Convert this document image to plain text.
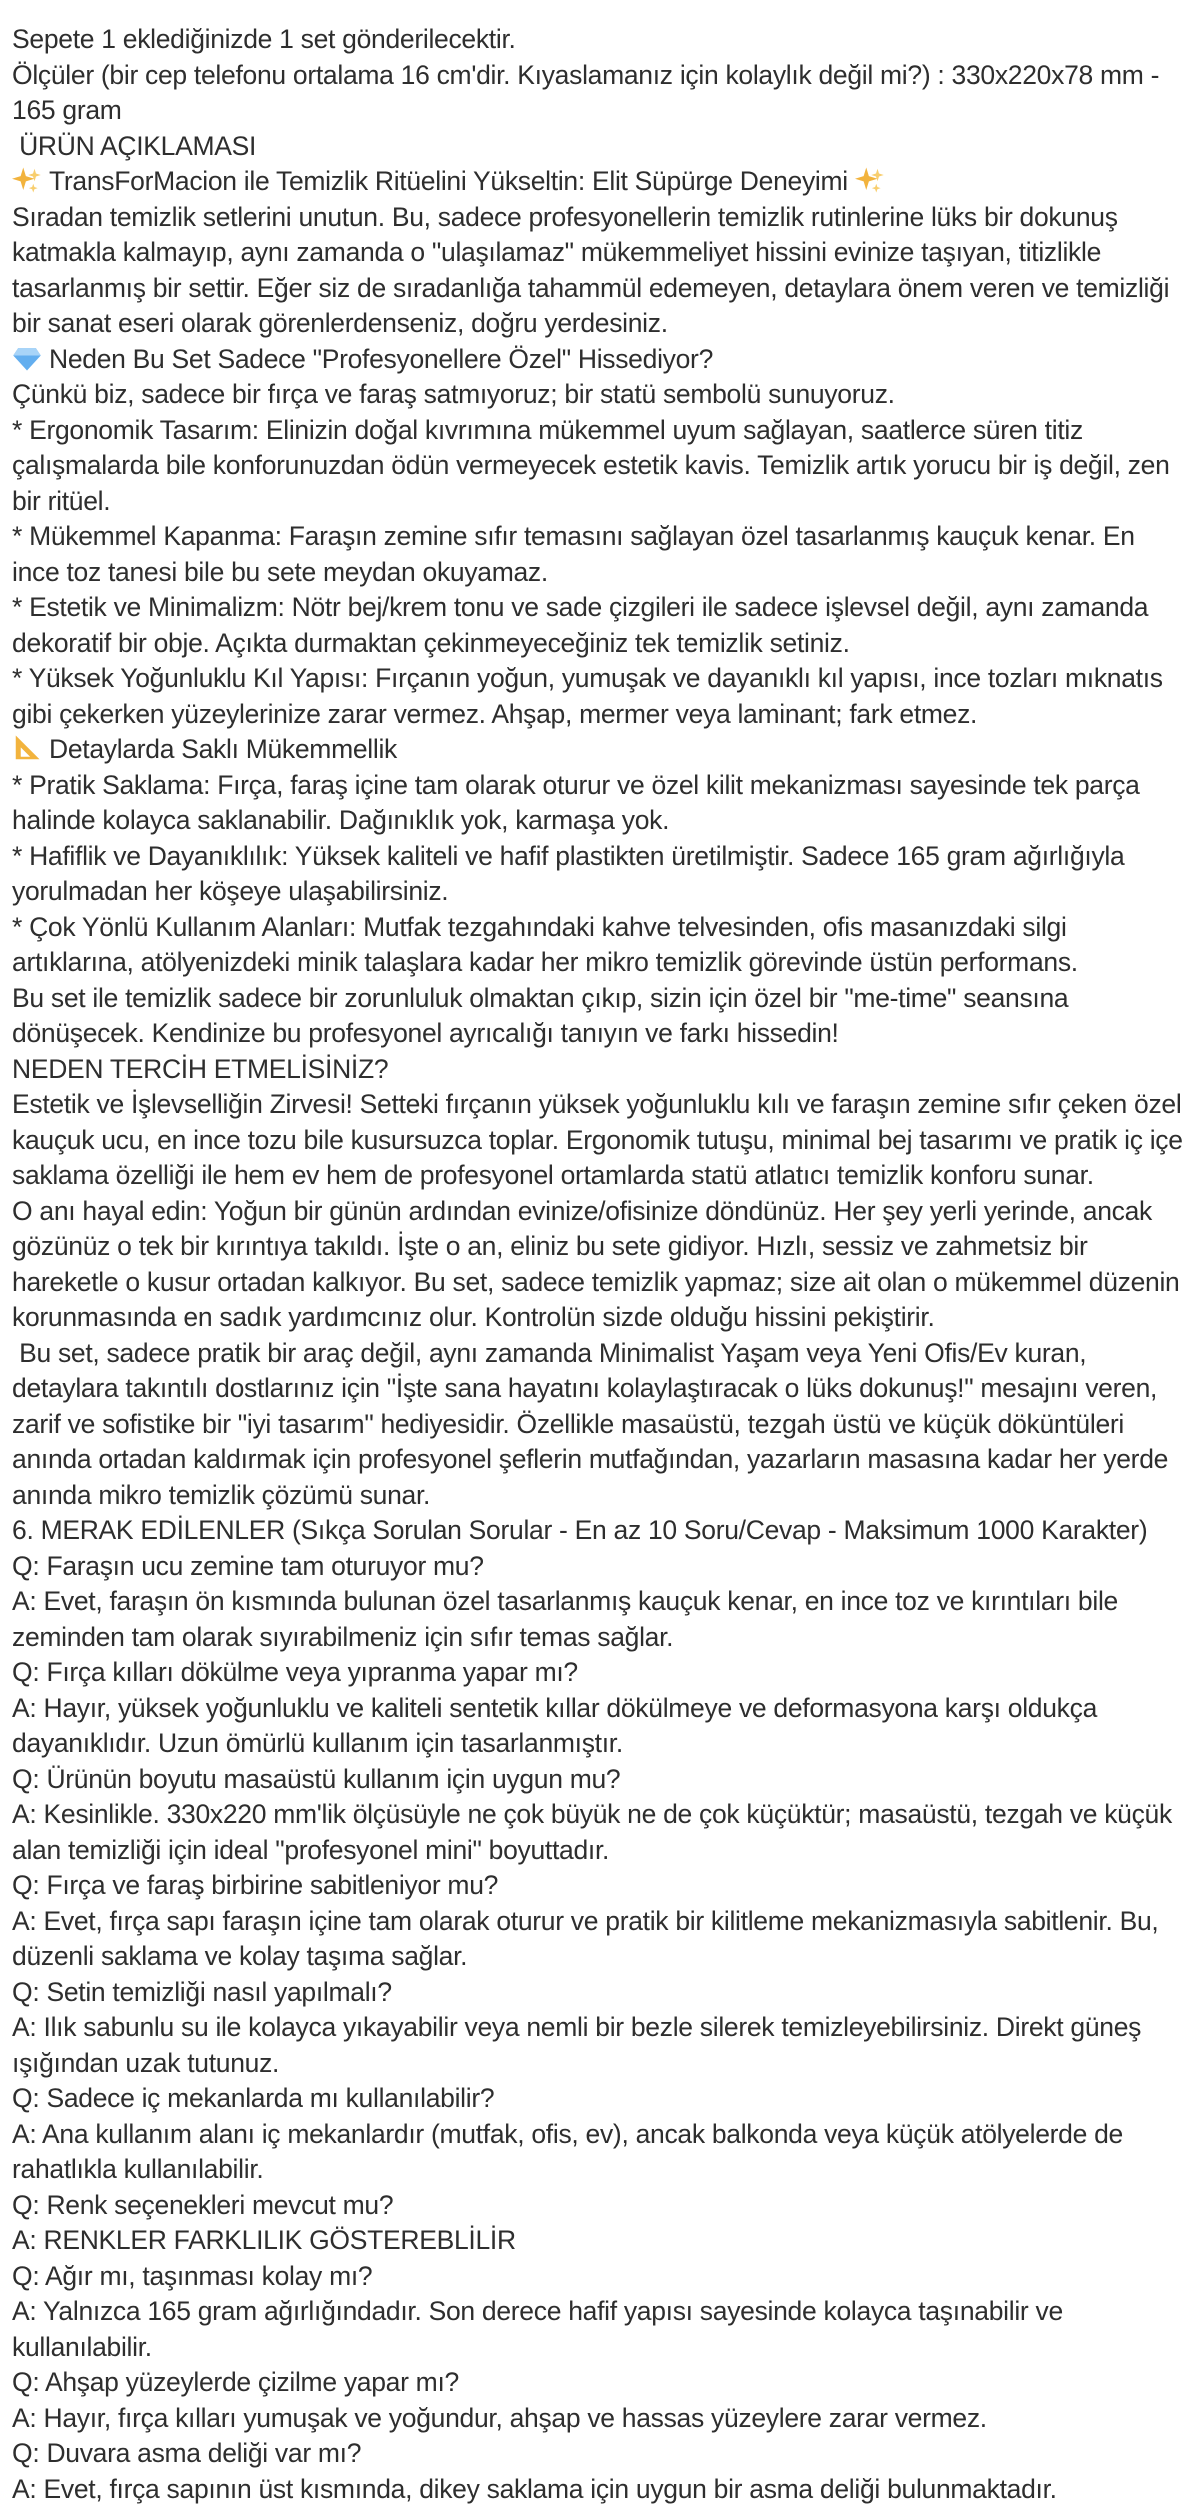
Sepete 1 eklediğinizde 1 set gönderilecektir.
Ölçüler (bir cep telefonu ortalama 16 cm'dir. Kıyaslamanız için kolaylık değil mi?) : 330x220x78 mm - 165 gram
ÜRÜN AÇIKLAMASI
TransForMacion ile Temizlik Ritüelini Yükseltin: Elit Süpürge Deneyimi
Sıradan temizlik setlerini unutun. Bu, sadece profesyonellerin temizlik rutinlerine lüks bir dokunuş katmakla kalmayıp, aynı zamanda o "ulaşılamaz" mükemmeliyet hissini evinize taşıyan, titizlikle tasarlanmış bir settir. Eğer siz de sıradanlığa tahammül edemeyen, detaylara önem veren ve temizliği bir sanat eseri olarak görenlerdenseniz, doğru yerdesiniz.
Neden Bu Set Sadece "Profesyonellere Özel" Hissediyor?
Çünkü biz, sadece bir fırça ve faraş satmıyoruz; bir statü sembolü sunuyoruz.
* Ergonomik Tasarım: Elinizin doğal kıvrımına mükemmel uyum sağlayan, saatlerce süren titiz çalışmalarda bile konforunuzdan ödün vermeyecek estetik kavis. Temizlik artık yorucu bir iş değil, zen bir ritüel.
* Mükemmel Kapanma: Faraşın zemine sıfır temasını sağlayan özel tasarlanmış kauçuk kenar. En ince toz tanesi bile bu sete meydan okuyamaz.
* Estetik ve Minimalizm: Nötr bej/krem tonu ve sade çizgileri ile sadece işlevsel değil, aynı zamanda dekoratif bir obje. Açıkta durmaktan çekinmeyeceğiniz tek temizlik setiniz.
* Yüksek Yoğunluklu Kıl Yapısı: Fırçanın yoğun, yumuşak ve dayanıklı kıl yapısı, ince tozları mıknatıs gibi çekerken yüzeylerinize zarar vermez. Ahşap, mermer veya laminant; fark etmez.
Detaylarda Saklı Mükemmellik
* Pratik Saklama: Fırça, faraş içine tam olarak oturur ve özel kilit mekanizması sayesinde tek parça halinde kolayca saklanabilir. Dağınıklık yok, karmaşa yok.
* Hafiflik ve Dayanıklılık: Yüksek kaliteli ve hafif plastikten üretilmiştir. Sadece 165 gram ağırlığıyla yorulmadan her köşeye ulaşabilirsiniz.
* Çok Yönlü Kullanım Alanları: Mutfak tezgahındaki kahve telvesinden, ofis masanızdaki silgi artıklarına, atölyenizdeki minik talaşlara kadar her mikro temizlik görevinde üstün performans.
Bu set ile temizlik sadece bir zorunluluk olmaktan çıkıp, sizin için özel bir "me-time" seansına dönüşecek. Kendinize bu profesyonel ayrıcalığı tanıyın ve farkı hissedin!
NEDEN TERCİH ETMELİSİNİZ?
Estetik ve İşlevselliğin Zirvesi! Setteki fırçanın yüksek yoğunluklu kılı ve faraşın zemine sıfır çeken özel kauçuk ucu, en ince tozu bile kusursuzca toplar. Ergonomik tutuşu, minimal bej tasarımı ve pratik iç içe saklama özelliği ile hem ev hem de profesyonel ortamlarda statü atlatıcı temizlik konforu sunar.
O anı hayal edin: Yoğun bir günün ardından evinize/ofisinize döndünüz. Her şey yerli yerinde, ancak gözünüz o tek bir kırıntıya takıldı. İşte o an, eliniz bu sete gidiyor. Hızlı, sessiz ve zahmetsiz bir hareketle o kusur ortadan kalkıyor. Bu set, sadece temizlik yapmaz; size ait olan o mükemmel düzenin korunmasında en sadık yardımcınız olur. Kontrolün sizde olduğu hissini pekiştirir.
Bu set, sadece pratik bir araç değil, aynı zamanda Minimalist Yaşam veya Yeni Ofis/Ev kuran, detaylara takıntılı dostlarınız için "İşte sana hayatını kolaylaştıracak o lüks dokunuş!" mesajını veren, zarif ve sofistike bir "iyi tasarım" hediyesidir. Özellikle masaüstü, tezgah üstü ve küçük döküntüleri anında ortadan kaldırmak için profesyonel şeflerin mutfağından, yazarların masasına kadar her yerde anında mikro temizlik çözümü sunar.
6. MERAK EDİLENLER (Sıkça Sorulan Sorular - En az 10 Soru/Cevap - Maksimum 1000 Karakter)
Q: Faraşın ucu zemine tam oturuyor mu?
A: Evet, faraşın ön kısmında bulunan özel tasarlanmış kauçuk kenar, en ince toz ve kırıntıları bile zeminden tam olarak sıyırabilmeniz için sıfır temas sağlar.
Q: Fırça kılları dökülme veya yıpranma yapar mı?
A: Hayır, yüksek yoğunluklu ve kaliteli sentetik kıllar dökülmeye ve deformasyona karşı oldukça dayanıklıdır. Uzun ömürlü kullanım için tasarlanmıştır.
Q: Ürünün boyutu masaüstü kullanım için uygun mu?
A: Kesinlikle. 330x220 mm'lik ölçüsüyle ne çok büyük ne de çok küçüktür; masaüstü, tezgah ve küçük alan temizliği için ideal "profesyonel mini" boyuttadır.
Q: Fırça ve faraş birbirine sabitleniyor mu?
A: Evet, fırça sapı faraşın içine tam olarak oturur ve pratik bir kilitleme mekanizmasıyla sabitlenir. Bu, düzenli saklama ve kolay taşıma sağlar.
Q: Setin temizliği nasıl yapılmalı?
A: Ilık sabunlu su ile kolayca yıkayabilir veya nemli bir bezle silerek temizleyebilirsiniz. Direkt güneş ışığından uzak tutunuz.
Q: Sadece iç mekanlarda mı kullanılabilir?
A: Ana kullanım alanı iç mekanlardır (mutfak, ofis, ev), ancak balkonda veya küçük atölyelerde de rahatlıkla kullanılabilir.
Q: Renk seçenekleri mevcut mu?
A: RENKLER FARKLILIK GÖSTEREBLİLİR
Q: Ağır mı, taşınması kolay mı?
A: Yalnızca 165 gram ağırlığındadır. Son derece hafif yapısı sayesinde kolayca taşınabilir ve kullanılabilir.
Q: Ahşap yüzeylerde çizilme yapar mı?
A: Hayır, fırça kılları yumuşak ve yoğundur, ahşap ve hassas yüzeylere zarar vermez.
Q: Duvara asma deliği var mı?
A: Evet, fırça sapının üst kısmında, dikey saklama için uygun bir asma deliği bulunmaktadır.
